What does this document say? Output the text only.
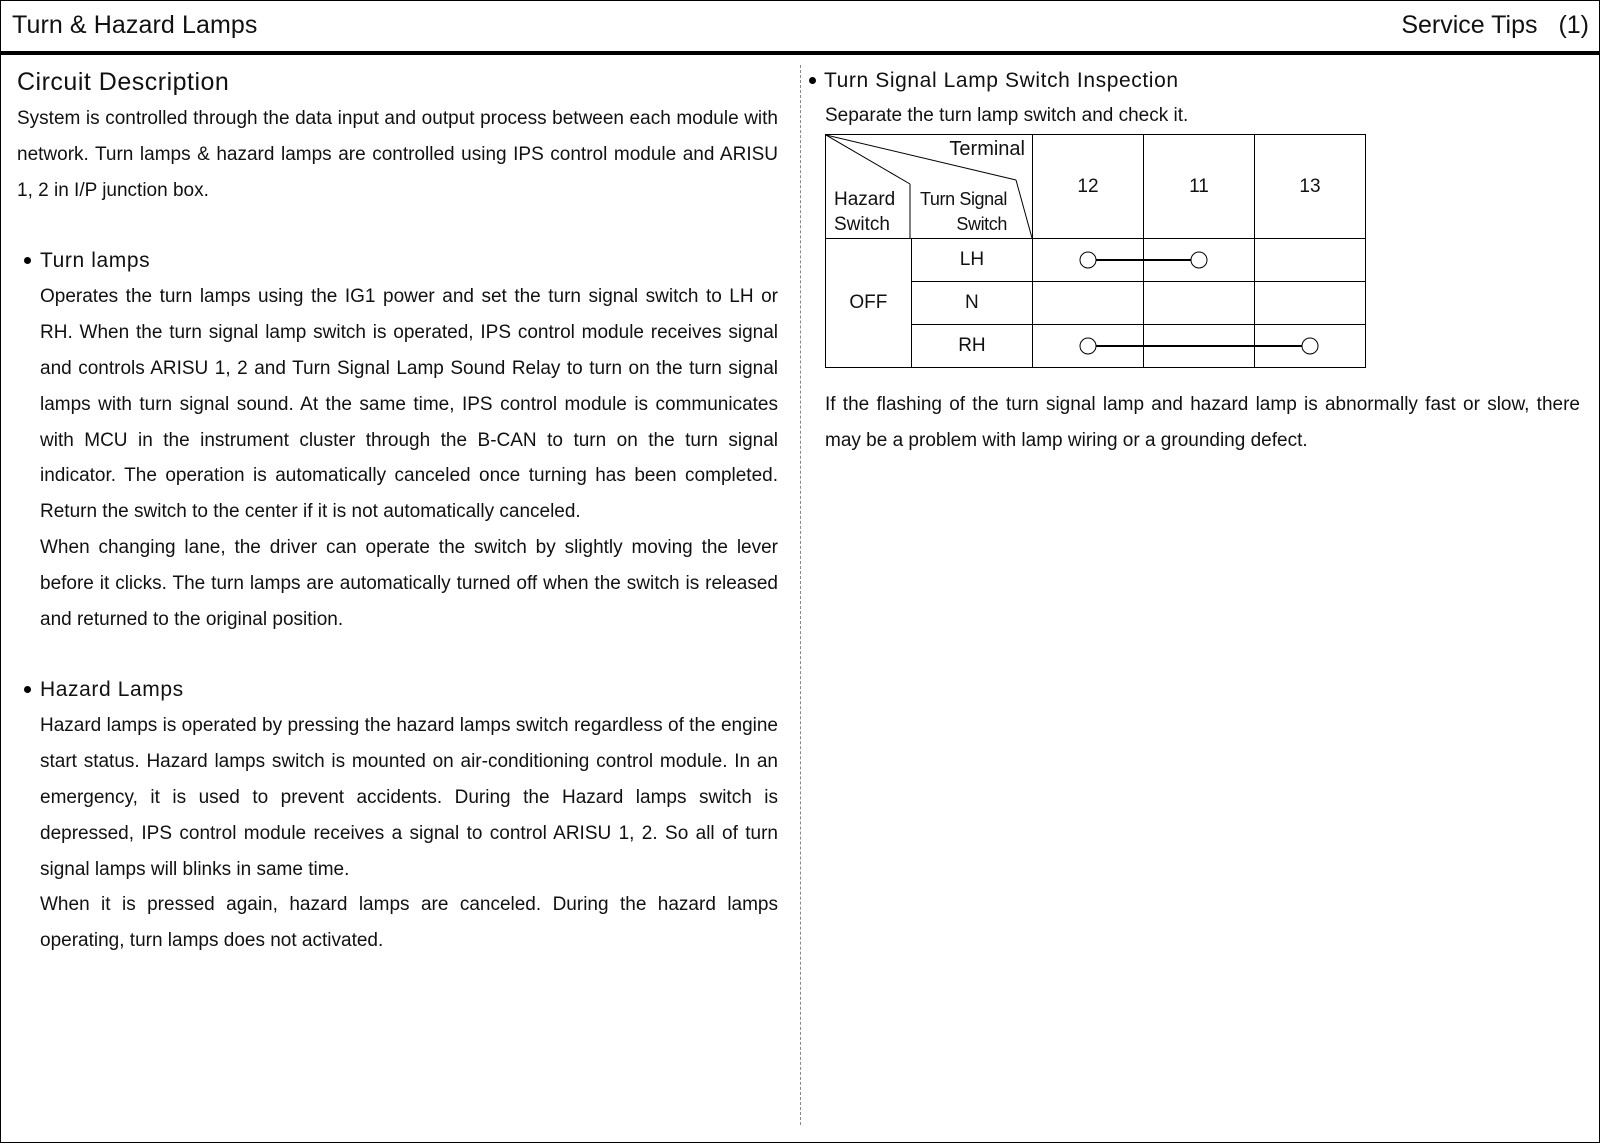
Turn & Hazard Lamps	Service Tips (1)
Circuit Description

System is controlled through the data input and output process between each module with network. Turn lamps & hazard lamps are controlled using IPS control module and ARISU 1, 2 in I/P junction box.

Turn lamps

Operates the turn lamps using the IG1 power and set the turn signal switch to LH or RH. When the turn signal lamp switch is operated, IPS control module receives signal and controls ARISU 1, 2 and Turn Signal Lamp Sound Relay to turn on the turn signal lamps with turn signal sound. At the same time, IPS control module is communicates with MCU in the instrument cluster through the B-CAN to turn on the turn signal indicator. The operation is automatically canceled once turning has been completed. Return the switch to the center if it is not automatically canceled.

When changing lane, the driver can operate the switch by slightly moving the lever before it clicks. The turn lamps are automatically turned off when the switch is released and returned to the original position.

Hazard Lamps

Hazard lamps is operated by pressing the hazard lamps switch regardless of the engine start status. Hazard lamps switch is mounted on air-conditioning control module. In an emergency, it is used to prevent accidents. During the Hazard lamps switch is depressed, IPS control module receives a signal to control ARISU 1, 2. So all of turn signal lamps will blinks in same time.

When it is pressed again, hazard lamps are canceled. During the hazard lamps operating, turn lamps does not activated.

Turn Signal Lamp Switch Inspection
Separate the turn lamp switch and check it.
Terminal
Hazard
Switch
Turn Signal
Switch		12	11	13
OFF	LH			
	N			
	RH			

If the flashing of the turn signal lamp and hazard lamp is abnormally fast or slow, there may be a problem with lamp wiring or a grounding defect.
